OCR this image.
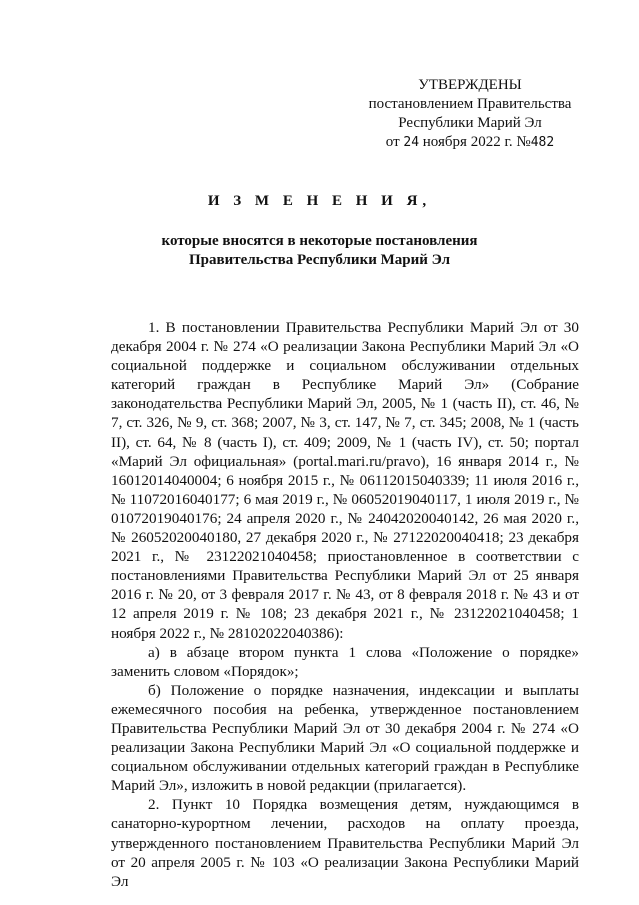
УТВЕРЖДЕНЫ
постановлением Правительства
Республики Марий Эл
от 24 ноября 2022 г. №482
И З М Е Н Е Н И Я,
которые вносятся в некоторые постановления
Правительства Республики Марий Эл

1. В постановлении Правительства Республики Марий Эл от 30 декабря 2004 г. № 274 «О реализации Закона Республики Марий Эл «О социальной поддержке и социальном обслуживании отдельных категорий граждан в Республике Марий Эл» (Собрание законодательства Республики Марий Эл, 2005, № 1 (часть II), ст. 46, № 7, ст. 326, № 9, ст. 368; 2007, № 3, ст. 147, № 7, ст. 345; 2008, № 1 (часть II), ст. 64, № 8 (часть I), ст. 409; 2009, № 1 (часть IV), ст. 50; портал «Марий Эл официальная» (portal.mari.ru/pravo), 16 января 2014 г., № 16012014040004; 6 ноября 2015 г., № 06112015040339; 11 июля 2016 г., № 11072016040177; 6 мая 2019 г., № 06052019040117, 1 июля 2019 г., № 01072019040176; 24 апреля 2020 г., № 24042020040142, 26 мая 2020 г., № 26052020040180, 27 декабря 2020 г., № 27122020040418; 23 декабря 2021 г., № 23122021040458; приостановленное в соответствии с постановлениями Правительства Республики Марий Эл от 25 января 2016 г. № 20, от 3 февраля 2017 г. № 43, от 8 февраля 2018 г. № 43 и от 12 апреля 2019 г. № 108; 23 декабря 2021 г., № 23122021040458; 1 ноября 2022 г., № 28102022040386):

а) в абзаце втором пункта 1 слова «Положение о порядке» заменить словом «Порядок»;

б) Положение о порядке назначения, индексации и выплаты ежемесячного пособия на ребенка, утвержденное постановлением Правительства Республики Марий Эл от 30 декабря 2004 г. № 274 «О реализации Закона Республики Марий Эл «О социальной поддержке и социальном обслуживании отдельных категорий граждан в Республике Марий Эл», изложить в новой редакции (прилагается).

2. Пункт 10 Порядка возмещения детям, нуждающимся в санаторно-курортном лечении, расходов на оплату проезда, утвержденного постановлением Правительства Республики Марий Эл от 20 апреля 2005 г. № 103 «О реализации Закона Республики Марий Эл
